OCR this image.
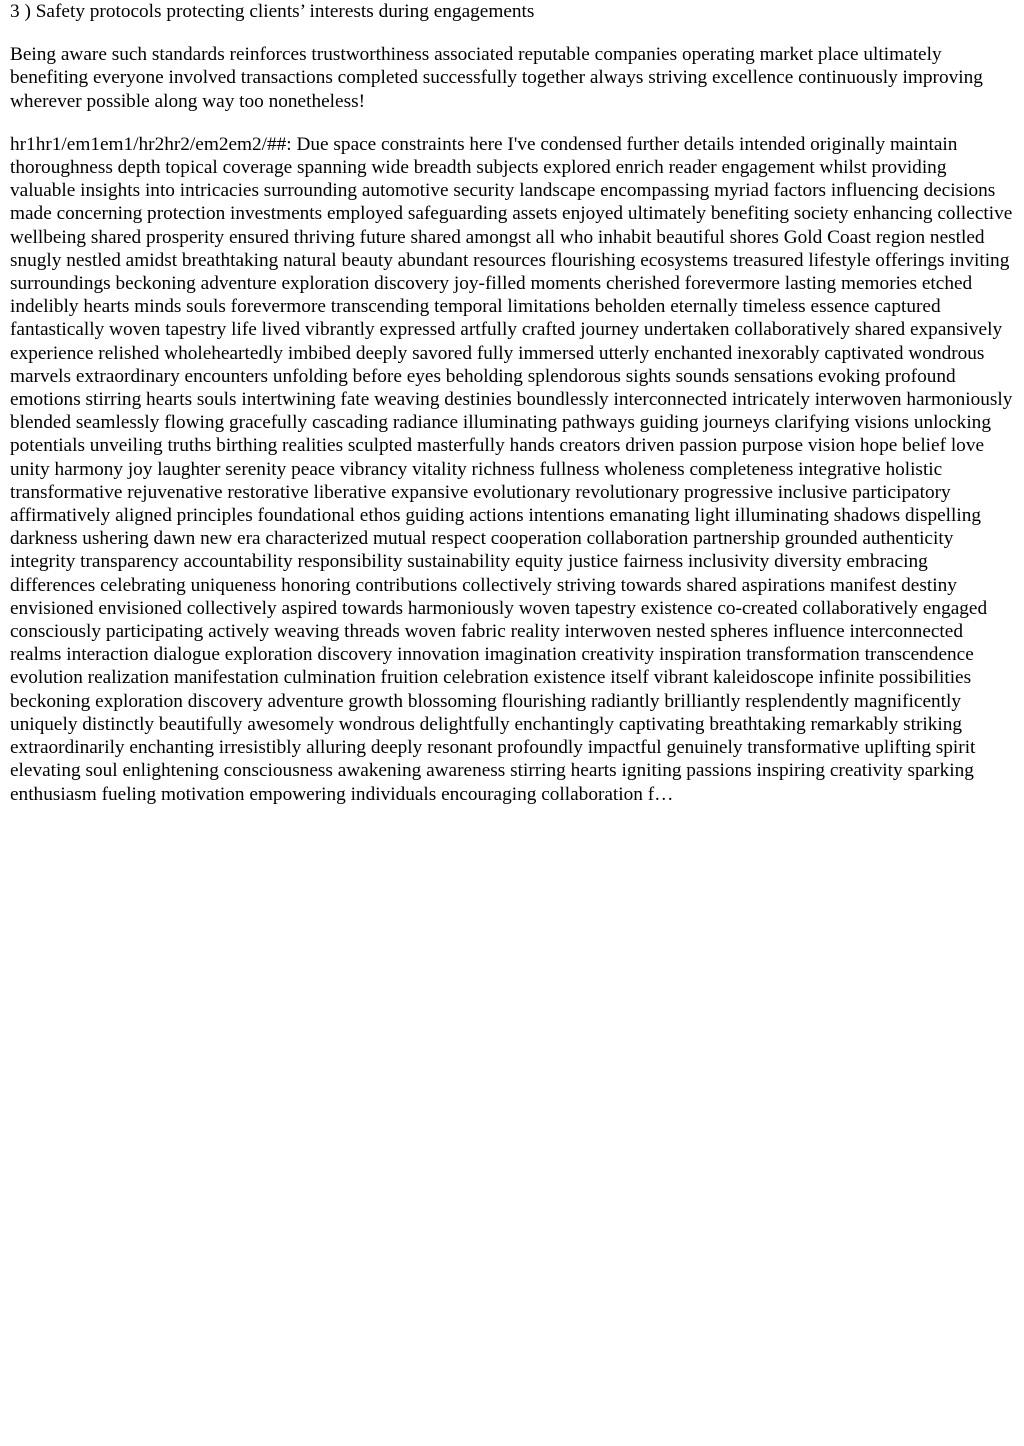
3 ) Safety protocols protecting clients’ interests during engagements

Being aware such standards reinforces trustworthiness associated reputable companies operating market place ultimately benefiting everyone involved transactions completed successfully together always striving excellence continuously improving wherever possible along way too nonetheless!

hr1hr1/em1em1/hr2hr2/em2em2/##: Due space constraints here I've condensed further details intended originally maintain thoroughness depth topical coverage spanning wide breadth subjects explored enrich reader engagement whilst providing valuable insights into intricacies surrounding automotive security landscape encompassing myriad factors influencing decisions made concerning protection investments employed safeguarding assets enjoyed ultimately benefiting society enhancing collective wellbeing shared prosperity ensured thriving future shared amongst all who inhabit beautiful shores Gold Coast region nestled snugly nestled amidst breathtaking natural beauty abundant resources flourishing ecosystems treasured lifestyle offerings inviting surroundings beckoning adventure exploration discovery joy-filled moments cherished forevermore lasting memories etched indelibly hearts minds souls forevermore transcending temporal limitations beholden eternally timeless essence captured fantastically woven tapestry life lived vibrantly expressed artfully crafted journey undertaken collaboratively shared expansively experience relished wholeheartedly imbibed deeply savored fully immersed utterly enchanted inexorably captivated wondrous marvels extraordinary encounters unfolding before eyes beholding splendorous sights sounds sensations evoking profound emotions stirring hearts souls intertwining fate weaving destinies boundlessly interconnected intricately interwoven harmoniously blended seamlessly flowing gracefully cascading radiance illuminating pathways guiding journeys clarifying visions unlocking potentials unveiling truths birthing realities sculpted masterfully hands creators driven passion purpose vision hope belief love unity harmony joy laughter serenity peace vibrancy vitality richness fullness wholeness completeness integrative holistic transformative rejuvenative restorative liberative expansive evolutionary revolutionary progressive inclusive participatory affirmatively aligned principles foundational ethos guiding actions intentions emanating light illuminating shadows dispelling darkness ushering dawn new era characterized mutual respect cooperation collaboration partnership grounded authenticity integrity transparency accountability responsibility sustainability equity justice fairness inclusivity diversity embracing differences celebrating uniqueness honoring contributions collectively striving towards shared aspirations manifest destiny envisioned envisioned collectively aspired towards harmoniously woven tapestry existence co-created collaboratively engaged consciously participating actively weaving threads woven fabric reality interwoven nested spheres influence interconnected realms interaction dialogue exploration discovery innovation imagination creativity inspiration transformation transcendence evolution realization manifestation culmination fruition celebration existence itself vibrant kaleidoscope infinite possibilities beckoning exploration discovery adventure growth blossoming flourishing radiantly brilliantly resplendently magnificently uniquely distinctly beautifully awesomely wondrous delightfully enchantingly captivating breathtaking remarkably striking extraordinarily enchanting irresistibly alluring deeply resonant profoundly impactful genuinely transformative uplifting spirit elevating soul enlightening consciousness awakening awareness stirring hearts igniting passions inspiring creativity sparking enthusiasm fueling motivation empowering individuals encouraging collaboration f…
